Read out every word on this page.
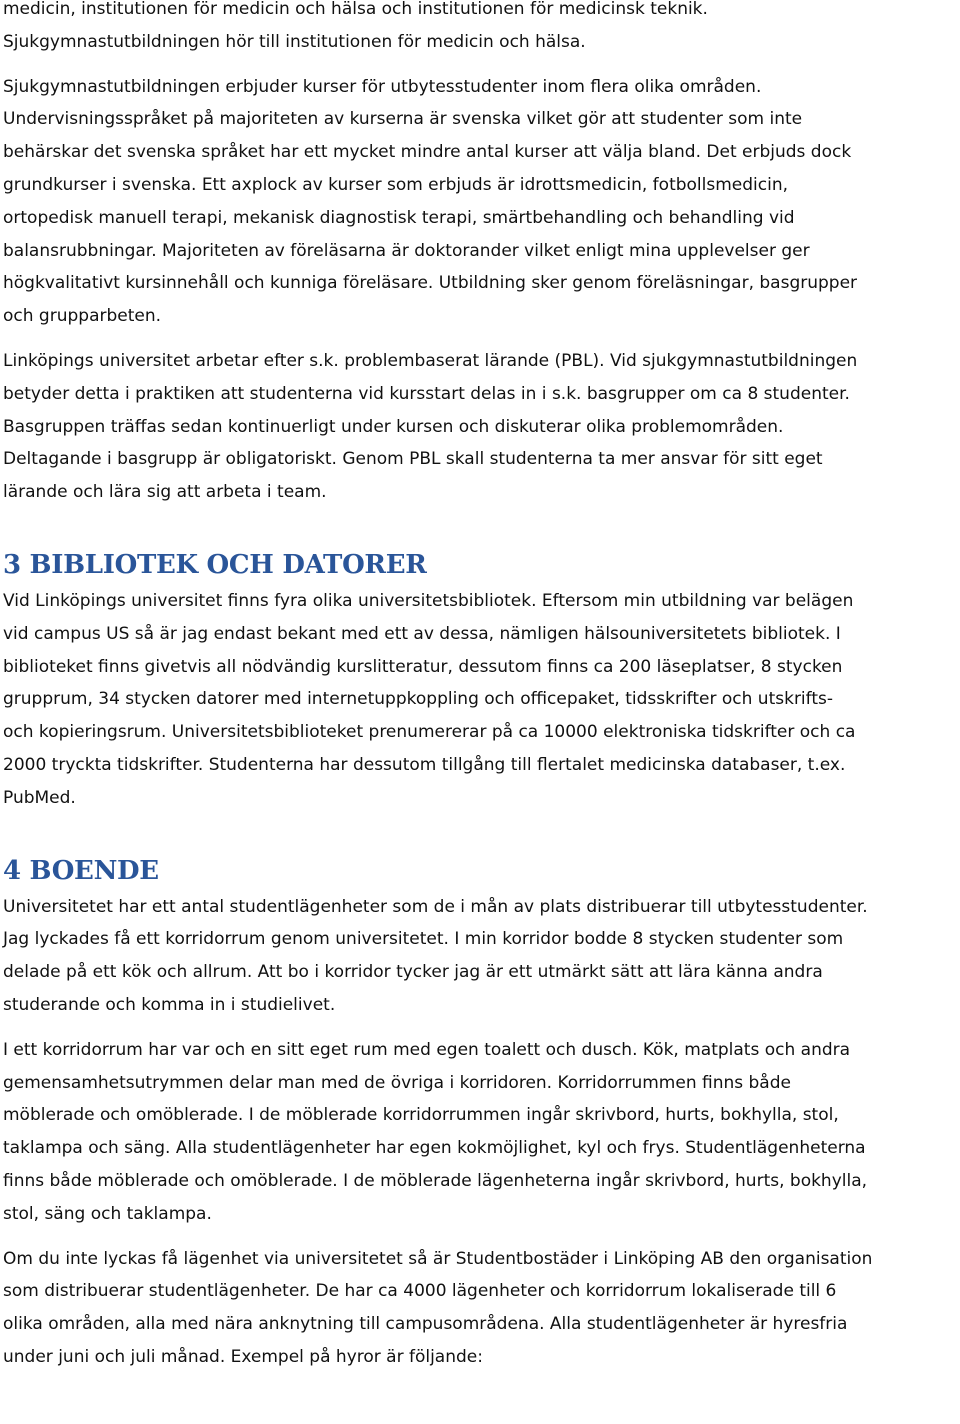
medicin, institutionen för medicin och hälsa och institutionen för medicinsk teknik.
Sjukgymnastutbildningen hör till institutionen för medicin och hälsa.

Sjukgymnastutbildningen erbjuder kurser för utbytesstudenter inom flera olika områden.
Undervisningsspråket på majoriteten av kurserna är svenska vilket gör att studenter som inte
behärskar det svenska språket har ett mycket mindre antal kurser att välja bland. Det erbjuds dock
grundkurser i svenska. Ett axplock av kurser som erbjuds är idrottsmedicin, fotbollsmedicin,
ortopedisk manuell terapi, mekanisk diagnostisk terapi, smärtbehandling och behandling vid
balansrubbningar. Majoriteten av föreläsarna är doktorander vilket enligt mina upplevelser ger
högkvalitativt kursinnehåll och kunniga föreläsare. Utbildning sker genom föreläsningar, basgrupper
och grupparbeten.

Linköpings universitet arbetar efter s.k. problembaserat lärande (PBL). Vid sjukgymnastutbildningen
betyder detta i praktiken att studenterna vid kursstart delas in i s.k. basgrupper om ca 8 studenter.
Basgruppen träffas sedan kontinuerligt under kursen och diskuterar olika problemområden.
Deltagande i basgrupp är obligatoriskt. Genom PBL skall studenterna ta mer ansvar för sitt eget
lärande och lära sig att arbeta i team.

3 BIBLIOTEK OCH DATORER

Vid Linköpings universitet finns fyra olika universitetsbibliotek. Eftersom min utbildning var belägen
vid campus US så är jag endast bekant med ett av dessa, nämligen hälsouniversitetets bibliotek. I
biblioteket finns givetvis all nödvändig kurslitteratur, dessutom finns ca 200 läseplatser, 8 stycken
grupprum, 34 stycken datorer med internetuppkoppling och officepaket, tidsskrifter och utskrifts-
och kopieringsrum. Universitetsbiblioteket prenumererar på ca 10000 elektroniska tidskrifter och ca
2000 tryckta tidskrifter. Studenterna har dessutom tillgång till flertalet medicinska databaser, t.ex.
PubMed.

4 BOENDE

Universitetet har ett antal studentlägenheter som de i mån av plats distribuerar till utbytesstudenter.
Jag lyckades få ett korridorrum genom universitetet. I min korridor bodde 8 stycken studenter som
delade på ett kök och allrum. Att bo i korridor tycker jag är ett utmärkt sätt att lära känna andra
studerande och komma in i studielivet.

I ett korridorrum har var och en sitt eget rum med egen toalett och dusch. Kök, matplats och andra
gemensamhetsutrymmen delar man med de övriga i korridoren. Korridorrummen finns både
möblerade och omöblerade. I de möblerade korridorrummen ingår skrivbord, hurts, bokhylla, stol,
taklampa och säng. Alla studentlägenheter har egen kokmöjlighet, kyl och frys. Studentlägenheterna
finns både möblerade och omöblerade. I de möblerade lägenheterna ingår skrivbord, hurts, bokhylla,
stol, säng och taklampa.

Om du inte lyckas få lägenhet via universitetet så är Studentbostäder i Linköping AB den organisation
som distribuerar studentlägenheter. De har ca 4000 lägenheter och korridorrum lokaliserade till 6
olika områden, alla med nära anknytning till campusområdena. Alla studentlägenheter är hyresfria
under juni och juli månad. Exempel på hyror är följande:
